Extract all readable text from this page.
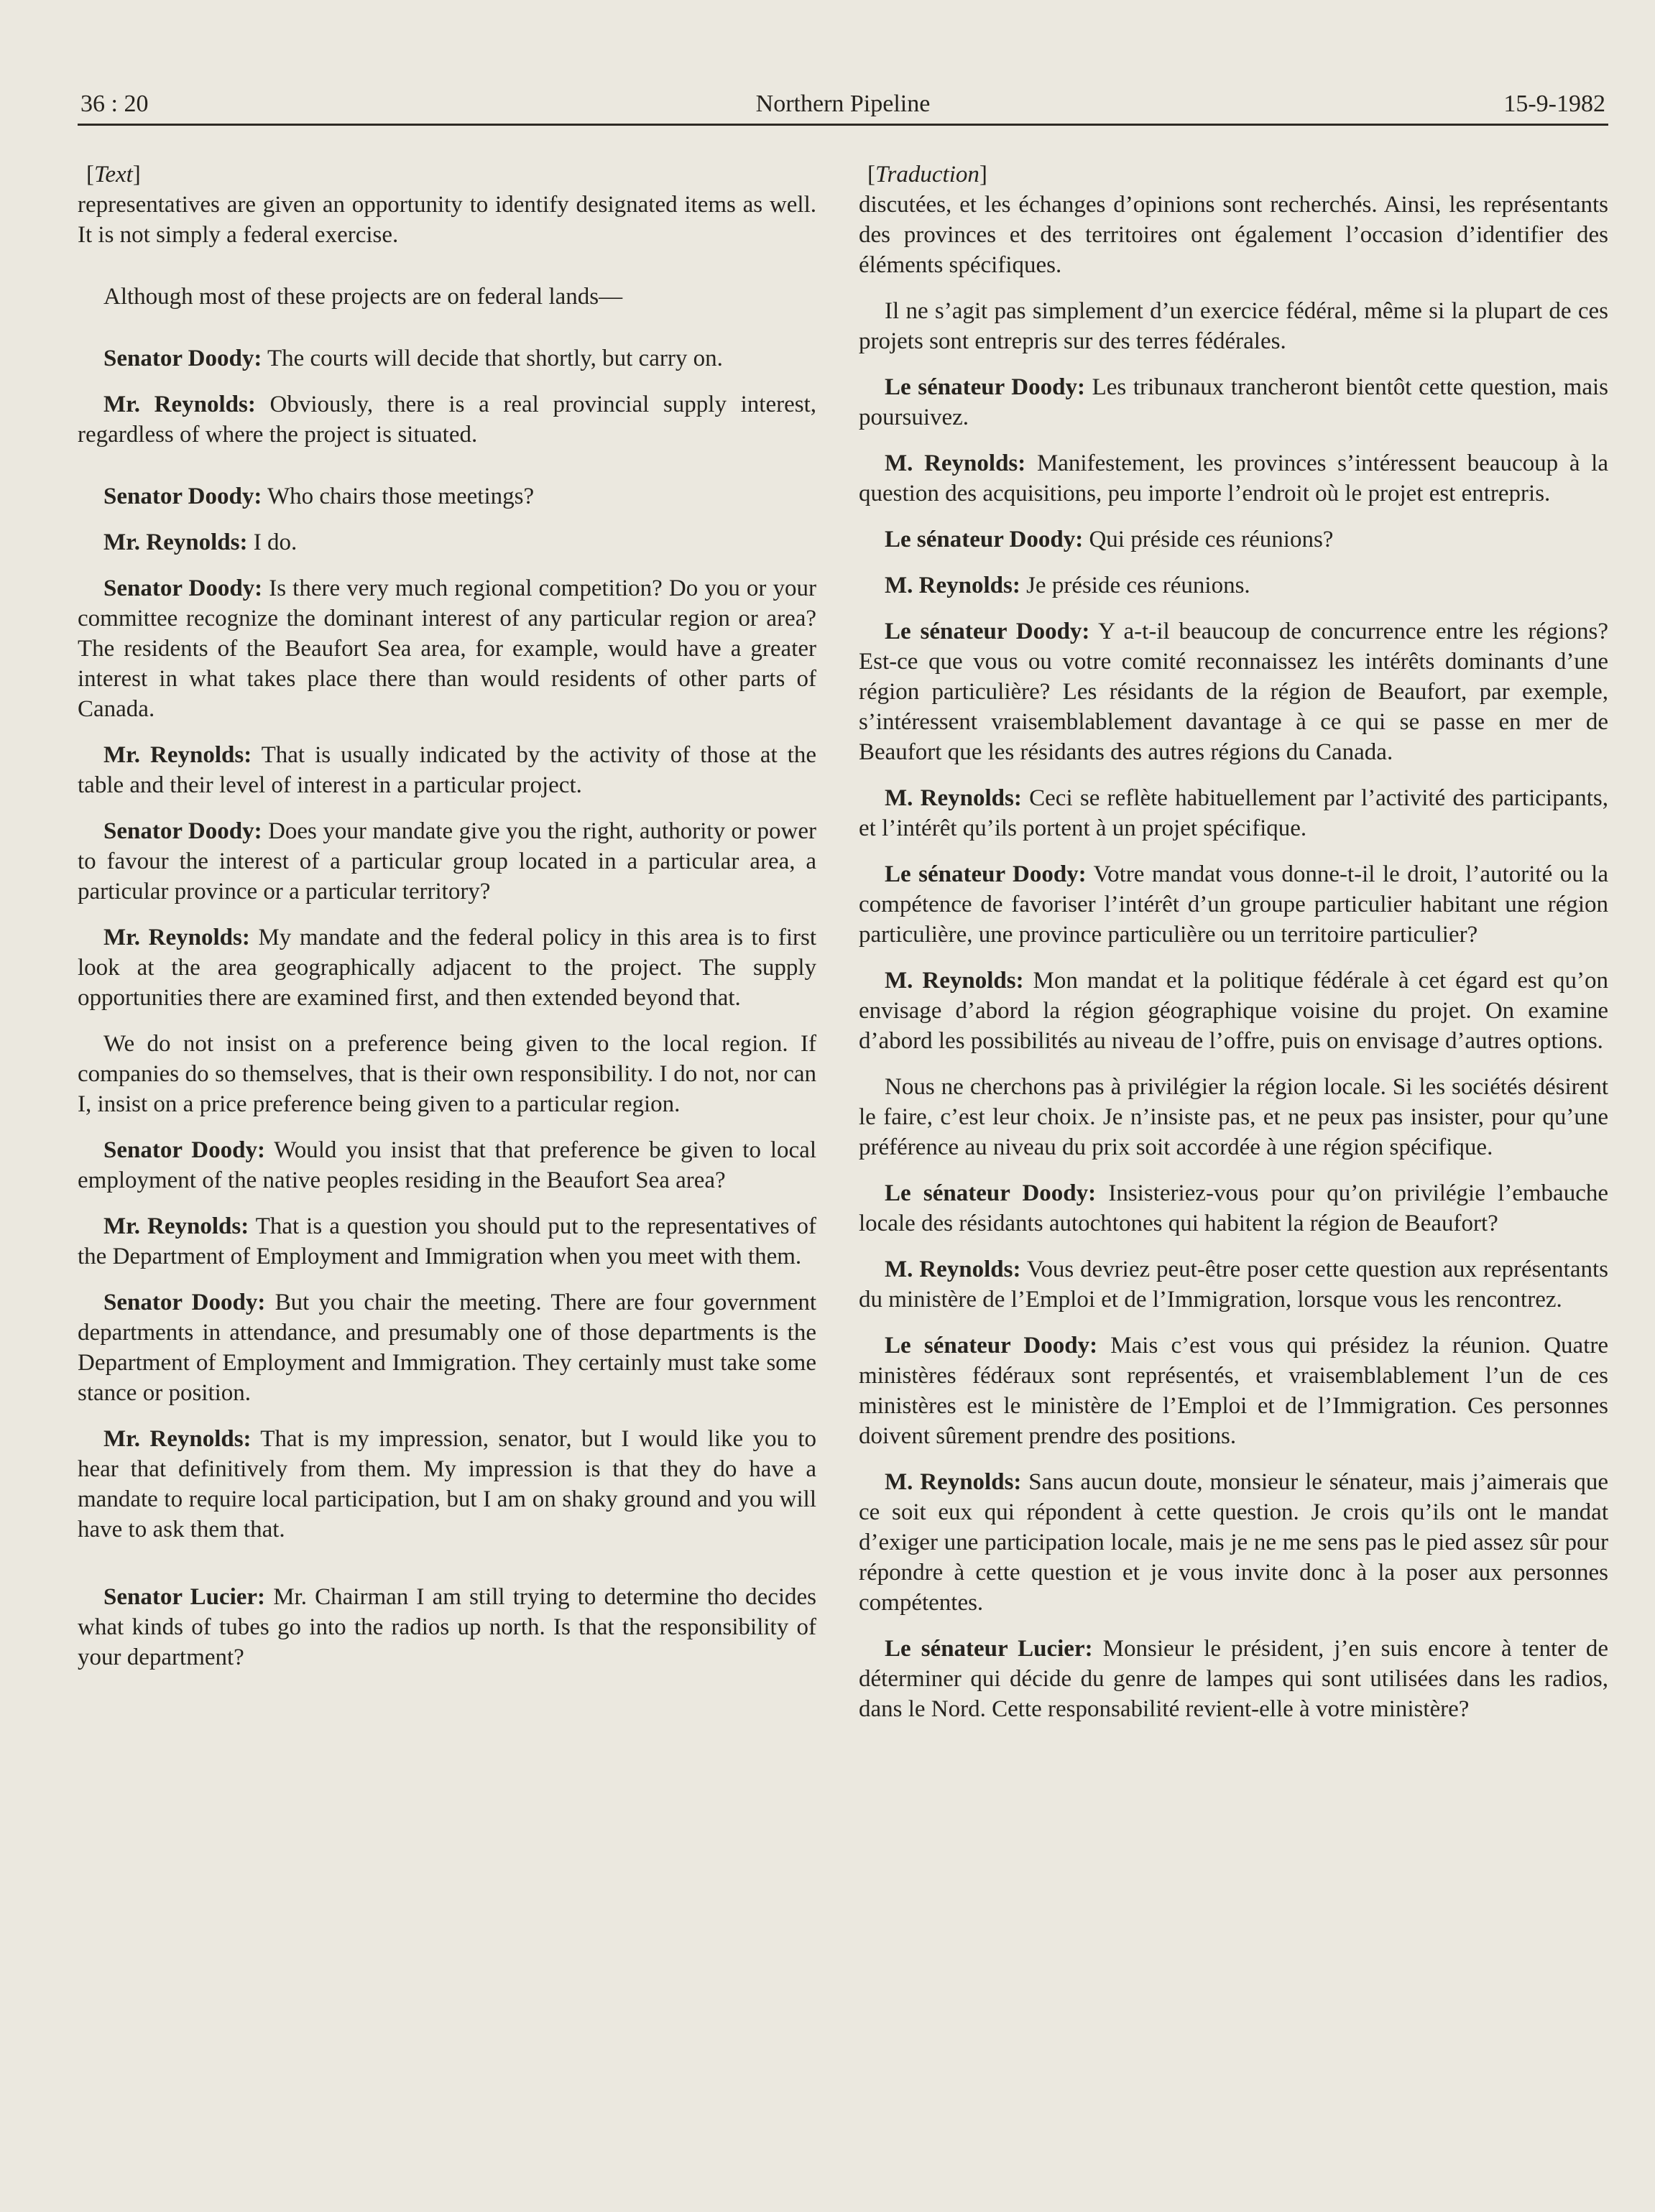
36 : 20	Northern Pipeline	15-9-1982
[Text]

representatives are given an opportunity to identify designated items as well. It is not simply a federal exercise.

Although most of these projects are on federal lands—

Senator Doody: The courts will decide that shortly, but carry on.

Mr. Reynolds: Obviously, there is a real provincial supply interest, regardless of where the project is situated.

Senator Doody: Who chairs those meetings?

Mr. Reynolds: I do.

Senator Doody: Is there very much regional competition? Do you or your committee recognize the dominant interest of any particular region or area? The residents of the Beaufort Sea area, for example, would have a greater interest in what takes place there than would residents of other parts of Canada.

Mr. Reynolds: That is usually indicated by the activity of those at the table and their level of interest in a particular project.

Senator Doody: Does your mandate give you the right, authority or power to favour the interest of a particular group located in a particular area, a particular province or a particular territory?

Mr. Reynolds: My mandate and the federal policy in this area is to first look at the area geographically adjacent to the project. The supply opportunities there are examined first, and then extended beyond that.

We do not insist on a preference being given to the local region. If companies do so themselves, that is their own responsibility. I do not, nor can I, insist on a price preference being given to a particular region.

Senator Doody: Would you insist that that preference be given to local employment of the native peoples residing in the Beaufort Sea area?

Mr. Reynolds: That is a question you should put to the representatives of the Department of Employment and Immigration when you meet with them.

Senator Doody: But you chair the meeting. There are four government departments in attendance, and presumably one of those departments is the Department of Employment and Immigration. They certainly must take some stance or position.

Mr. Reynolds: That is my impression, senator, but I would like you to hear that definitively from them. My impression is that they do have a mandate to require local participation, but I am on shaky ground and you will have to ask them that.

Senator Lucier: Mr. Chairman I am still trying to determine tho decides what kinds of tubes go into the radios up north. Is that the responsibility of your department?

[Traduction]

discutées, et les échanges d’opinions sont recherchés. Ainsi, les représentants des provinces et des territoires ont également l’occasion d’identifier des éléments spécifiques.

Il ne s’agit pas simplement d’un exercice fédéral, même si la plupart de ces projets sont entrepris sur des terres fédérales.

Le sénateur Doody: Les tribunaux trancheront bientôt cette question, mais poursuivez.

M. Reynolds: Manifestement, les provinces s’intéressent beaucoup à la question des acquisitions, peu importe l’endroit où le projet est entrepris.

Le sénateur Doody: Qui préside ces réunions?

M. Reynolds: Je préside ces réunions.

Le sénateur Doody: Y a-t-il beaucoup de concurrence entre les régions? Est-ce que vous ou votre comité reconnaissez les intérêts dominants d’une région particulière? Les résidants de la région de Beaufort, par exemple, s’intéressent vraisemblablement davantage à ce qui se passe en mer de Beaufort que les résidants des autres régions du Canada.

M. Reynolds: Ceci se reflète habituellement par l’activité des participants, et l’intérêt qu’ils portent à un projet spécifique.

Le sénateur Doody: Votre mandat vous donne-t-il le droit, l’autorité ou la compétence de favoriser l’intérêt d’un groupe particulier habitant une région particulière, une province particulière ou un territoire particulier?

M. Reynolds: Mon mandat et la politique fédérale à cet égard est qu’on envisage d’abord la région géographique voisine du projet. On examine d’abord les possibilités au niveau de l’offre, puis on envisage d’autres options.

Nous ne cherchons pas à privilégier la région locale. Si les sociétés désirent le faire, c’est leur choix. Je n’insiste pas, et ne peux pas insister, pour qu’une préférence au niveau du prix soit accordée à une région spécifique.

Le sénateur Doody: Insisteriez-vous pour qu’on privilégie l’embauche locale des résidants autochtones qui habitent la région de Beaufort?

M. Reynolds: Vous devriez peut-être poser cette question aux représentants du ministère de l’Emploi et de l’Immigration, lorsque vous les rencontrez.

Le sénateur Doody: Mais c’est vous qui présidez la réunion. Quatre ministères fédéraux sont représentés, et vraisemblablement l’un de ces ministères est le ministère de l’Emploi et de l’Immigration. Ces personnes doivent sûrement prendre des positions.

M. Reynolds: Sans aucun doute, monsieur le sénateur, mais j’aimerais que ce soit eux qui répondent à cette question. Je crois qu’ils ont le mandat d’exiger une participation locale, mais je ne me sens pas le pied assez sûr pour répondre à cette question et je vous invite donc à la poser aux personnes compétentes.

Le sénateur Lucier: Monsieur le président, j’en suis encore à tenter de déterminer qui décide du genre de lampes qui sont utilisées dans les radios, dans le Nord. Cette responsabilité revient-elle à votre ministère?
